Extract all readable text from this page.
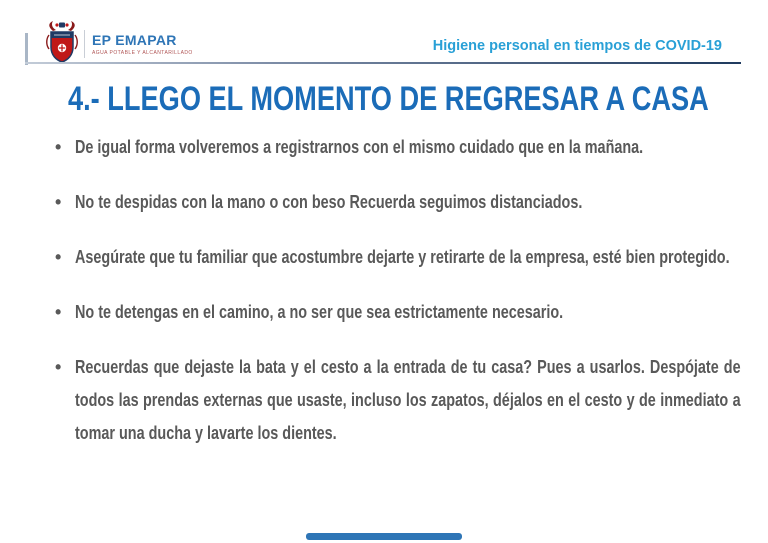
EP EMAPAR
AGUA POTABLE Y ALCANTARILLADO	Higiene personal en tiempos de COVID-19
4.- LLEGO EL MOMENTO DE REGRESAR A CASA
• De igual forma volveremos a registrarnos con el mismo cuidado que en la mañana.
• No te despidas con la mano o con beso Recuerda seguimos distanciados.
• Asegúrate que tu familiar que acostumbre dejarte y retirarte de la empresa, esté bien protegido.
• No te detengas en el camino, a no ser que sea estrictamente necesario.
• Recuerdas que dejaste la bata y el cesto a la entrada de tu casa? Pues a usarlos. Despójate de todos las prendas externas que usaste, incluso los zapatos, déjalos en el cesto y de inmediato a tomar una ducha y lavarte los dientes.
